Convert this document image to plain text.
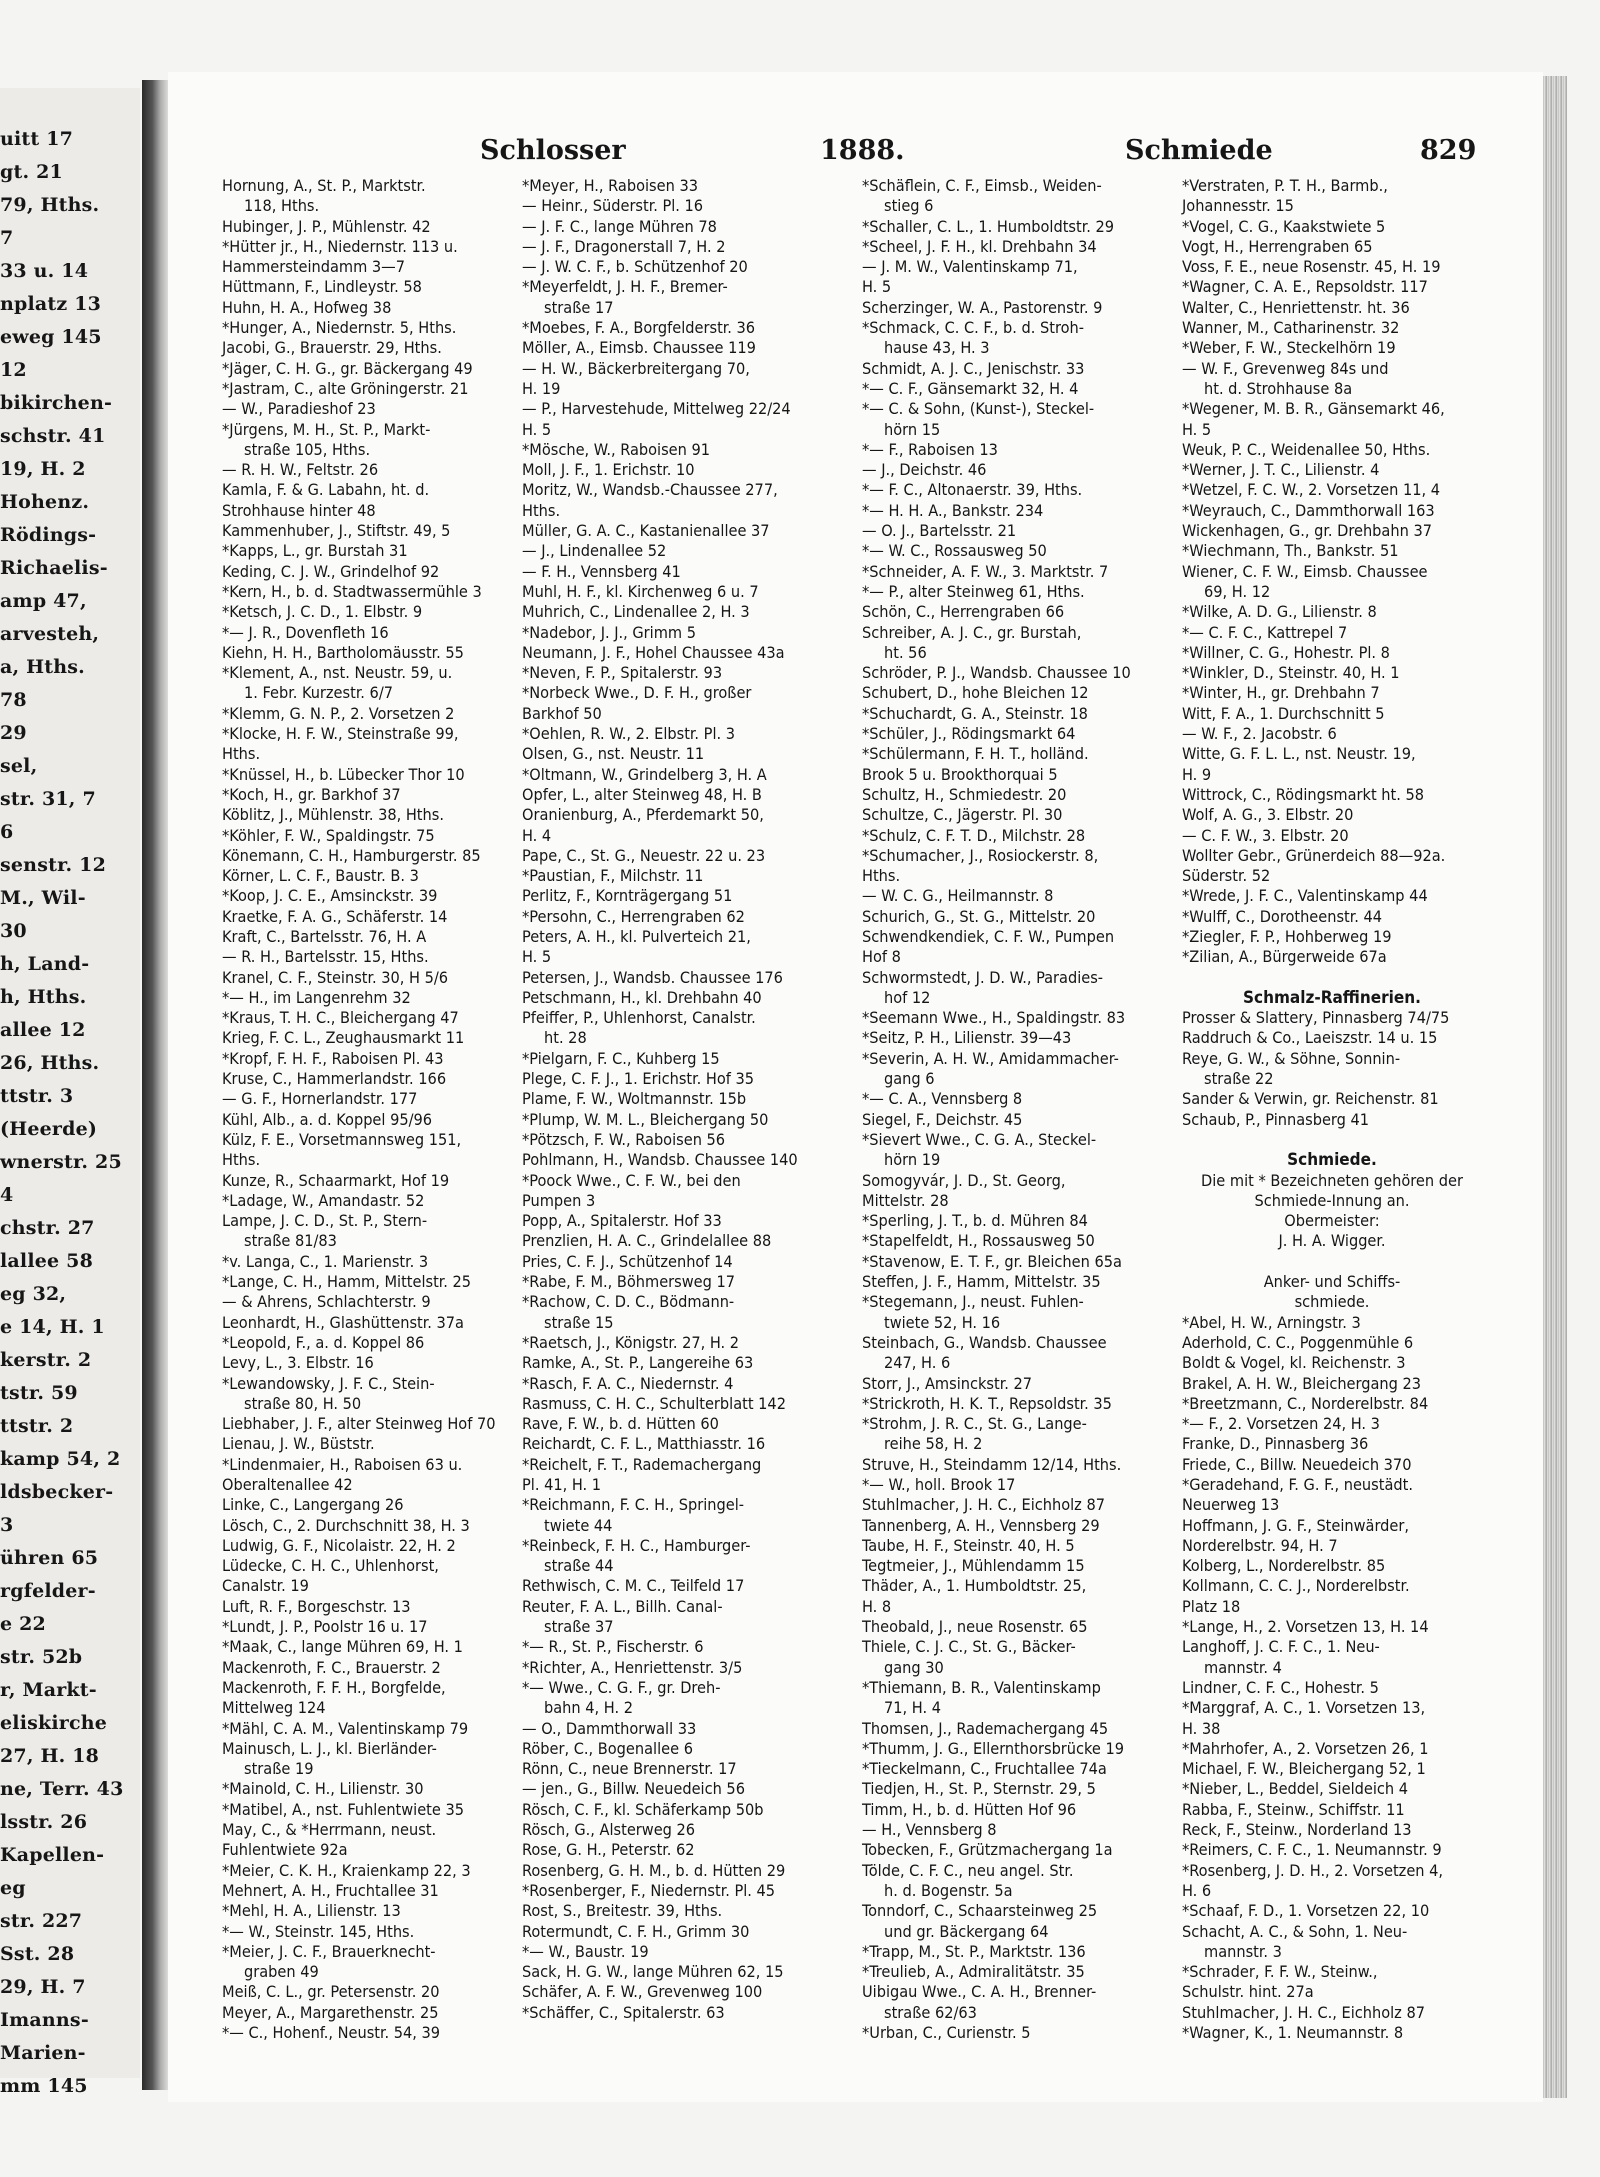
uitt 17
gt. 21
79, Hths.
7
33 u. 14
nplatz 13
eweg 145
12
bikirchen-
schstr. 41
19, H. 2
Hohenz.
Rödings-
Richaelis-
amp 47,
arvesteh,
a, Hths.
78
29
sel,
str. 31, 7
6
senstr. 12
M., Wil-
30
h, Land-
h, Hths.
allee 12
26, Hths.
ttstr. 3
(Heerde)
wnerstr. 25
4
chstr. 27
lallee 58
eg 32,
e 14, H. 1
kerstr. 2
tstr. 59
ttstr. 2
kamp 54, 2
ldsbecker-
3
ühren 65
rgfelder-
e 22
str. 52b
r, Markt-
eliskirche
27, H. 18
ne, Terr. 43
lsstr. 26
Kapellen-
eg
str. 227
Sst. 28
29, H. 7
Imanns-
Marien-
mm 145
Schlosser	1888.	Schmiede	829
Hornung, A., St. P., Marktstr.
118, Hths.
Hubinger, J. P., Mühlenstr. 42
*Hütter jr., H., Niedernstr. 113 u.
Hammersteindamm 3—7
Hüttmann, F., Lindleystr. 58
Huhn, H. A., Hofweg 38
*Hunger, A., Niedernstr. 5, Hths.
Jacobi, G., Brauerstr. 29, Hths.
*Jäger, C. H. G., gr. Bäckergang 49
*Jastram, C., alte Gröningerstr. 21
— W., Paradieshof 23
*Jürgens, M. H., St. P., Markt-
straße 105, Hths.
— R. H. W., Feltstr. 26
Kamla, F. & G. Labahn, ht. d.
Strohhause hinter 48
Kammenhuber, J., Stiftstr. 49, 5
*Kapps, L., gr. Burstah 31
Keding, C. J. W., Grindelhof 92
*Kern, H., b. d. Stadtwassermühle 3
*Ketsch, J. C. D., 1. Elbstr. 9
*— J. R., Dovenfleth 16
Kiehn, H. H., Bartholomäusstr. 55
*Klement, A., nst. Neustr. 59, u.
1. Febr. Kurzestr. 6/7
*Klemm, G. N. P., 2. Vorsetzen 2
*Klocke, H. F. W., Steinstraße 99,
Hths.
*Knüssel, H., b. Lübecker Thor 10
*Koch, H., gr. Barkhof 37
Köblitz, J., Mühlenstr. 38, Hths.
*Köhler, F. W., Spaldingstr. 75
Könemann, C. H., Hamburgerstr. 85
Körner, L. C. F., Baustr. B. 3
*Koop, J. C. E., Amsinckstr. 39
Kraetke, F. A. G., Schäferstr. 14
Kraft, C., Bartelsstr. 76, H. A
— R. H., Bartelsstr. 15, Hths.
Kranel, C. F., Steinstr. 30, H 5/6
*— H., im Langenrehm 32
*Kraus, T. H. C., Bleichergang 47
Krieg, F. C. L., Zeughausmarkt 11
*Kropf, F. H. F., Raboisen Pl. 43
Kruse, C., Hammerlandstr. 166
— G. F., Hornerlandstr. 177
Kühl, Alb., a. d. Koppel 95/96
Külz, F. E., Vorsetmannsweg 151,
Hths.
Kunze, R., Schaarmarkt, Hof 19
*Ladage, W., Amandastr. 52
Lampe, J. C. D., St. P., Stern-
straße 81/83
*v. Langa, C., 1. Marienstr. 3
*Lange, C. H., Hamm, Mittelstr. 25
— & Ahrens, Schlachterstr. 9
Leonhardt, H., Glashüttenstr. 37a
*Leopold, F., a. d. Koppel 86
Levy, L., 3. Elbstr. 16
*Lewandowsky, J. F. C., Stein-
straße 80, H. 50
Liebhaber, J. F., alter Steinweg Hof 70
Lienau, J. W., Büststr.
*Lindenmaier, H., Raboisen 63 u.
Oberaltenallee 42
Linke, C., Langergang 26
Lösch, C., 2. Durchschnitt 38, H. 3
Ludwig, G. F., Nicolaistr. 22, H. 2
Lüdecke, C. H. C., Uhlenhorst,
Canalstr. 19
Luft, R. F., Borgeschstr. 13
*Lundt, J. P., Poolstr 16 u. 17
*Maak, C., lange Mühren 69, H. 1
Mackenroth, F. C., Brauerstr. 2
Mackenroth, F. F. H., Borgfelde,
Mittelweg 124
*Mähl, C. A. M., Valentinskamp 79
Mainusch, L. J., kl. Bierländer-
straße 19
*Mainold, C. H., Lilienstr. 30
*Matibel, A., nst. Fuhlentwiete 35
May, C., & *Herrmann, neust.
Fuhlentwiete 92a
*Meier, C. K. H., Kraienkamp 22, 3
Mehnert, A. H., Fruchtallee 31
*Mehl, H. A., Lilienstr. 13
*— W., Steinstr. 145, Hths.
*Meier, J. C. F., Brauerknecht-
graben 49
Meiß, C. L., gr. Petersenstr. 20
Meyer, A., Margarethenstr. 25
*— C., Hohenf., Neustr. 54, 39
*Meyer, H., Raboisen 33
— Heinr., Süderstr. Pl. 16
— J. F. C., lange Mühren 78
— J. F., Dragonerstall 7, H. 2
— J. W. C. F., b. Schützenhof 20
*Meyerfeldt, J. H. F., Bremer-
straße 17
*Moebes, F. A., Borgfelderstr. 36
Möller, A., Eimsb. Chaussee 119
— H. W., Bäckerbreitergang 70,
H. 19
— P., Harvestehude, Mittelweg 22/24
H. 5
*Mösche, W., Raboisen 91
Moll, J. F., 1. Erichstr. 10
Moritz, W., Wandsb.-Chaussee 277,
Hths.
Müller, G. A. C., Kastanienallee 37
— J., Lindenallee 52
— F. H., Vennsberg 41
Muhl, H. F., kl. Kirchenweg 6 u. 7
Muhrich, C., Lindenallee 2, H. 3
*Nadebor, J. J., Grimm 5
Neumann, J. F., Hohel Chaussee 43a
*Neven, F. P., Spitalerstr. 93
*Norbeck Wwe., D. F. H., großer
Barkhof 50
*Oehlen, R. W., 2. Elbstr. Pl. 3
Olsen, G., nst. Neustr. 11
*Oltmann, W., Grindelberg 3, H. A
Opfer, L., alter Steinweg 48, H. B
Oranienburg, A., Pferdemarkt 50,
H. 4
Pape, C., St. G., Neuestr. 22 u. 23
*Paustian, F., Milchstr. 11
Perlitz, F., Kornträgergang 51
*Persohn, C., Herrengraben 62
Peters, A. H., kl. Pulverteich 21,
H. 5
Petersen, J., Wandsb. Chaussee 176
Petschmann, H., kl. Drehbahn 40
Pfeiffer, P., Uhlenhorst, Canalstr.
ht. 28
*Pielgarn, F. C., Kuhberg 15
Plege, C. F. J., 1. Erichstr. Hof 35
Plame, F. W., Woltmannstr. 15b
*Plump, W. M. L., Bleichergang 50
*Pötzsch, F. W., Raboisen 56
Pohlmann, H., Wandsb. Chaussee 140
*Poock Wwe., C. F. W., bei den
Pumpen 3
Popp, A., Spitalerstr. Hof 33
Prenzlien, H. A. C., Grindelallee 88
Pries, C. F. J., Schützenhof 14
*Rabe, F. M., Böhmersweg 17
*Rachow, C. D. C., Bödmann-
straße 15
*Raetsch, J., Königstr. 27, H. 2
Ramke, A., St. P., Langereihe 63
*Rasch, F. A. C., Niedernstr. 4
Rasmuss, C. H. C., Schulterblatt 142
Rave, F. W., b. d. Hütten 60
Reichardt, C. F. L., Matthiasstr. 16
*Reichelt, F. T., Rademachergang
Pl. 41, H. 1
*Reichmann, F. C. H., Springel-
twiete 44
*Reinbeck, F. H. C., Hamburger-
straße 44
Rethwisch, C. M. C., Teilfeld 17
Reuter, F. A. L., Billh. Canal-
straße 37
*— R., St. P., Fischerstr. 6
*Richter, A., Henriettenstr. 3/5
*— Wwe., C. G. F., gr. Dreh-
bahn 4, H. 2
— O., Dammthorwall 33
Röber, C., Bogenallee 6
Rönn, C., neue Brennerstr. 17
— jen., G., Billw. Neuedeich 56
Rösch, C. F., kl. Schäferkamp 50b
Rösch, G., Alsterweg 26
Rose, G. H., Peterstr. 62
Rosenberg, G. H. M., b. d. Hütten 29
*Rosenberger, F., Niedernstr. Pl. 45
Rost, S., Breitestr. 39, Hths.
Rotermundt, C. F. H., Grimm 30
*— W., Baustr. 19
Sack, H. G. W., lange Mühren 62, 15
Schäfer, A. F. W., Grevenweg 100
*Schäffer, C., Spitalerstr. 63
*Schäflein, C. F., Eimsb., Weiden-
stieg 6
*Schaller, C. L., 1. Humboldtstr. 29
*Scheel, J. F. H., kl. Drehbahn 34
— J. M. W., Valentinskamp 71,
H. 5
Scherzinger, W. A., Pastorenstr. 9
*Schmack, C. C. F., b. d. Stroh-
hause 43, H. 3
Schmidt, A. J. C., Jenischstr. 33
*— C. F., Gänsemarkt 32, H. 4
*— C. & Sohn, (Kunst-), Steckel-
hörn 15
*— F., Raboisen 13
— J., Deichstr. 46
*— F. C., Altonaerstr. 39, Hths.
*— H. H. A., Bankstr. 234
— O. J., Bartelsstr. 21
*— W. C., Rossausweg 50
*Schneider, A. F. W., 3. Marktstr. 7
*— P., alter Steinweg 61, Hths.
Schön, C., Herrengraben 66
Schreiber, A. J. C., gr. Burstah,
ht. 56
Schröder, P. J., Wandsb. Chaussee 10
Schubert, D., hohe Bleichen 12
*Schuchardt, G. A., Steinstr. 18
*Schüler, J., Rödingsmarkt 64
*Schülermann, F. H. T., holländ.
Brook 5 u. Brookthorquai 5
Schultz, H., Schmiedestr. 20
Schultze, C., Jägerstr. Pl. 30
*Schulz, C. F. T. D., Milchstr. 28
*Schumacher, J., Rosiockerstr. 8,
Hths.
— W. C. G., Heilmannstr. 8
Schurich, G., St. G., Mittelstr. 20
Schwendkendiek, C. F. W., Pumpen
Hof 8
Schwormstedt, J. D. W., Paradies-
hof 12
*Seemann Wwe., H., Spaldingstr. 83
*Seitz, P. H., Lilienstr. 39—43
*Severin, A. H. W., Amidammacher-
gang 6
*— C. A., Vennsberg 8
Siegel, F., Deichstr. 45
*Sievert Wwe., C. G. A., Steckel-
hörn 19
Somogyvár, J. D., St. Georg,
Mittelstr. 28
*Sperling, J. T., b. d. Mühren 84
*Stapelfeldt, H., Rossausweg 50
*Stavenow, E. T. F., gr. Bleichen 65a
Steffen, J. F., Hamm, Mittelstr. 35
*Stegemann, J., neust. Fuhlen-
twiete 52, H. 16
Steinbach, G., Wandsb. Chaussee
247, H. 6
Storr, J., Amsinckstr. 27
*Strickroth, H. K. T., Repsoldstr. 35
*Strohm, J. R. C., St. G., Lange-
reihe 58, H. 2
Struve, H., Steindamm 12/14, Hths.
*— W., holl. Brook 17
Stuhlmacher, J. H. C., Eichholz 87
Tannenberg, A. H., Vennsberg 29
Taube, H. F., Steinstr. 40, H. 5
Tegtmeier, J., Mühlendamm 15
Thäder, A., 1. Humboldtstr. 25,
H. 8
Theobald, J., neue Rosenstr. 65
Thiele, C. J. C., St. G., Bäcker-
gang 30
*Thiemann, B. R., Valentinskamp
71, H. 4
Thomsen, J., Rademachergang 45
*Thumm, J. G., Ellernthorsbrücke 19
*Tieckelmann, C., Fruchtallee 74a
Tiedjen, H., St. P., Sternstr. 29, 5
Timm, H., b. d. Hütten Hof 96
— H., Vennsberg 8
Tobecken, F., Grützmachergang 1a
Tölde, C. F. C., neu angel. Str.
h. d. Bogenstr. 5a
Tonndorf, C., Schaarsteinweg 25
und gr. Bäckergang 64
*Trapp, M., St. P., Marktstr. 136
*Treulieb, A., Admiralitätstr. 35
Uibigau Wwe., C. A. H., Brenner-
straße 62/63
*Urban, C., Curienstr. 5
*Verstraten, P. T. H., Barmb.,
Johannesstr. 15
*Vogel, C. G., Kaakstwiete 5
Vogt, H., Herrengraben 65
Voss, F. E., neue Rosenstr. 45, H. 19
*Wagner, C. A. E., Repsoldstr. 117
Walter, C., Henriettenstr. ht. 36
Wanner, M., Catharinenstr. 32
*Weber, F. W., Steckelhörn 19
— W. F., Grevenweg 84s und
ht. d. Strohhause 8a
*Wegener, M. B. R., Gänsemarkt 46,
H. 5
Weuk, P. C., Weidenallee 50, Hths.
*Werner, J. T. C., Lilienstr. 4
*Wetzel, F. C. W., 2. Vorsetzen 11, 4
*Weyrauch, C., Dammthorwall 163
Wickenhagen, G., gr. Drehbahn 37
*Wiechmann, Th., Bankstr. 51
Wiener, C. F. W., Eimsb. Chaussee
69, H. 12
*Wilke, A. D. G., Lilienstr. 8
*— C. F. C., Kattrepel 7
*Willner, C. G., Hohestr. Pl. 8
*Winkler, D., Steinstr. 40, H. 1
*Winter, H., gr. Drehbahn 7
Witt, F. A., 1. Durchschnitt 5
— W. F., 2. Jacobstr. 6
Witte, G. F. L. L., nst. Neustr. 19,
H. 9
Wittrock, C., Rödingsmarkt ht. 58
Wolf, A. G., 3. Elbstr. 20
— C. F. W., 3. Elbstr. 20
Wollter Gebr., Grünerdeich 88—92a.
Süderstr. 52
*Wrede, J. F. C., Valentinskamp 44
*Wulff, C., Dorotheenstr. 44
*Ziegler, F. P., Hohberweg 19
*Zilian, A., Bürgerweide 67a

Schmalz-Raffinerien.
Prosser & Slattery, Pinnasberg 74/75
Raddruch & Co., Laeiszstr. 14 u. 15
Reye, G. W., & Söhne, Sonnin-
straße 22
Sander & Verwin, gr. Reichenstr. 81
Schaub, P., Pinnasberg 41

Schmiede.
Die mit * Bezeichneten gehören der
Schmiede-Innung an.
Obermeister:
J. H. A. Wigger.

Anker- und Schiffs-
schmiede.
*Abel, H. W., Arningstr. 3
Aderhold, C. C., Poggenmühle 6
Boldt & Vogel, kl. Reichenstr. 3
Brakel, A. H. W., Bleichergang 23
*Breetzmann, C., Norderelbstr. 84
*— F., 2. Vorsetzen 24, H. 3
Franke, D., Pinnasberg 36
Friede, C., Billw. Neuedeich 370
*Geradehand, F. G. F., neustädt.
Neuerweg 13
Hoffmann, J. G. F., Steinwärder,
Norderelbstr. 94, H. 7
Kolberg, L., Norderelbstr. 85
Kollmann, C. C. J., Norderelbstr.
Platz 18
*Lange, H., 2. Vorsetzen 13, H. 14
Langhoff, J. C. F. C., 1. Neu-
mannstr. 4
Lindner, C. F. C., Hohestr. 5
*Marggraf, A. C., 1. Vorsetzen 13,
H. 38
*Mahrhofer, A., 2. Vorsetzen 26, 1
Michael, F. W., Bleichergang 52, 1
*Nieber, L., Beddel, Sieldeich 4
Rabba, F., Steinw., Schiffstr. 11
Reck, F., Steinw., Norderland 13
*Reimers, C. F. C., 1. Neumannstr. 9
*Rosenberg, J. D. H., 2. Vorsetzen 4,
H. 6
*Schaaf, F. D., 1. Vorsetzen 22, 10
Schacht, A. C., & Sohn, 1. Neu-
mannstr. 3
*Schrader, F. F. W., Steinw.,
Schulstr. hint. 27a
Stuhlmacher, J. H. C., Eichholz 87
*Wagner, K., 1. Neumannstr. 8
